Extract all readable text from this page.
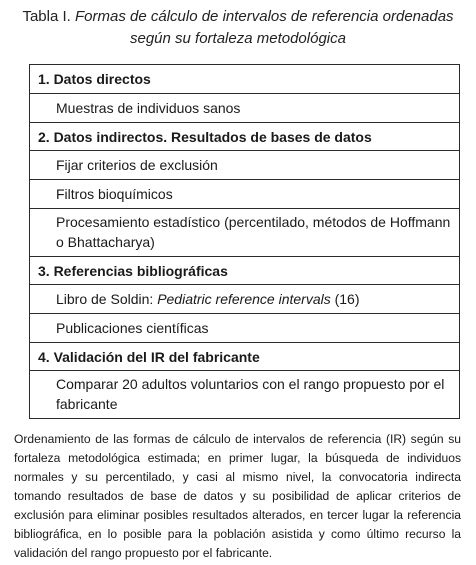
Tabla I. Formas de cálculo de intervalos de referencia ordenadas
según su fortaleza metodológica
1. Datos directos
Muestras de individuos sanos
2. Datos indirectos. Resultados de bases de datos
Fijar criterios de exclusión
Filtros bioquímicos
Procesamiento estadístico (percentilado, métodos de Hoffmann o Bhattacharya)
3. Referencias bibliográficas
Libro de Soldin: Pediatric reference intervals (16)
Publicaciones científicas
4. Validación del IR del fabricante
Comparar 20 adultos voluntarios con el rango propuesto por el fabricante
Ordenamiento de las formas de cálculo de intervalos de referencia (IR) según su fortaleza metodológica estimada; en primer lugar, la búsqueda de individuos normales y su percentilado, y casi al mismo nivel, la convocatoria indirecta tomando resultados de base de datos y su posibilidad de aplicar criterios de exclusión para eliminar posibles resultados alterados, en tercer lugar la referencia bibliográfica, en lo posible para la población asistida y como último recurso la validación del rango propuesto por el fabricante.
